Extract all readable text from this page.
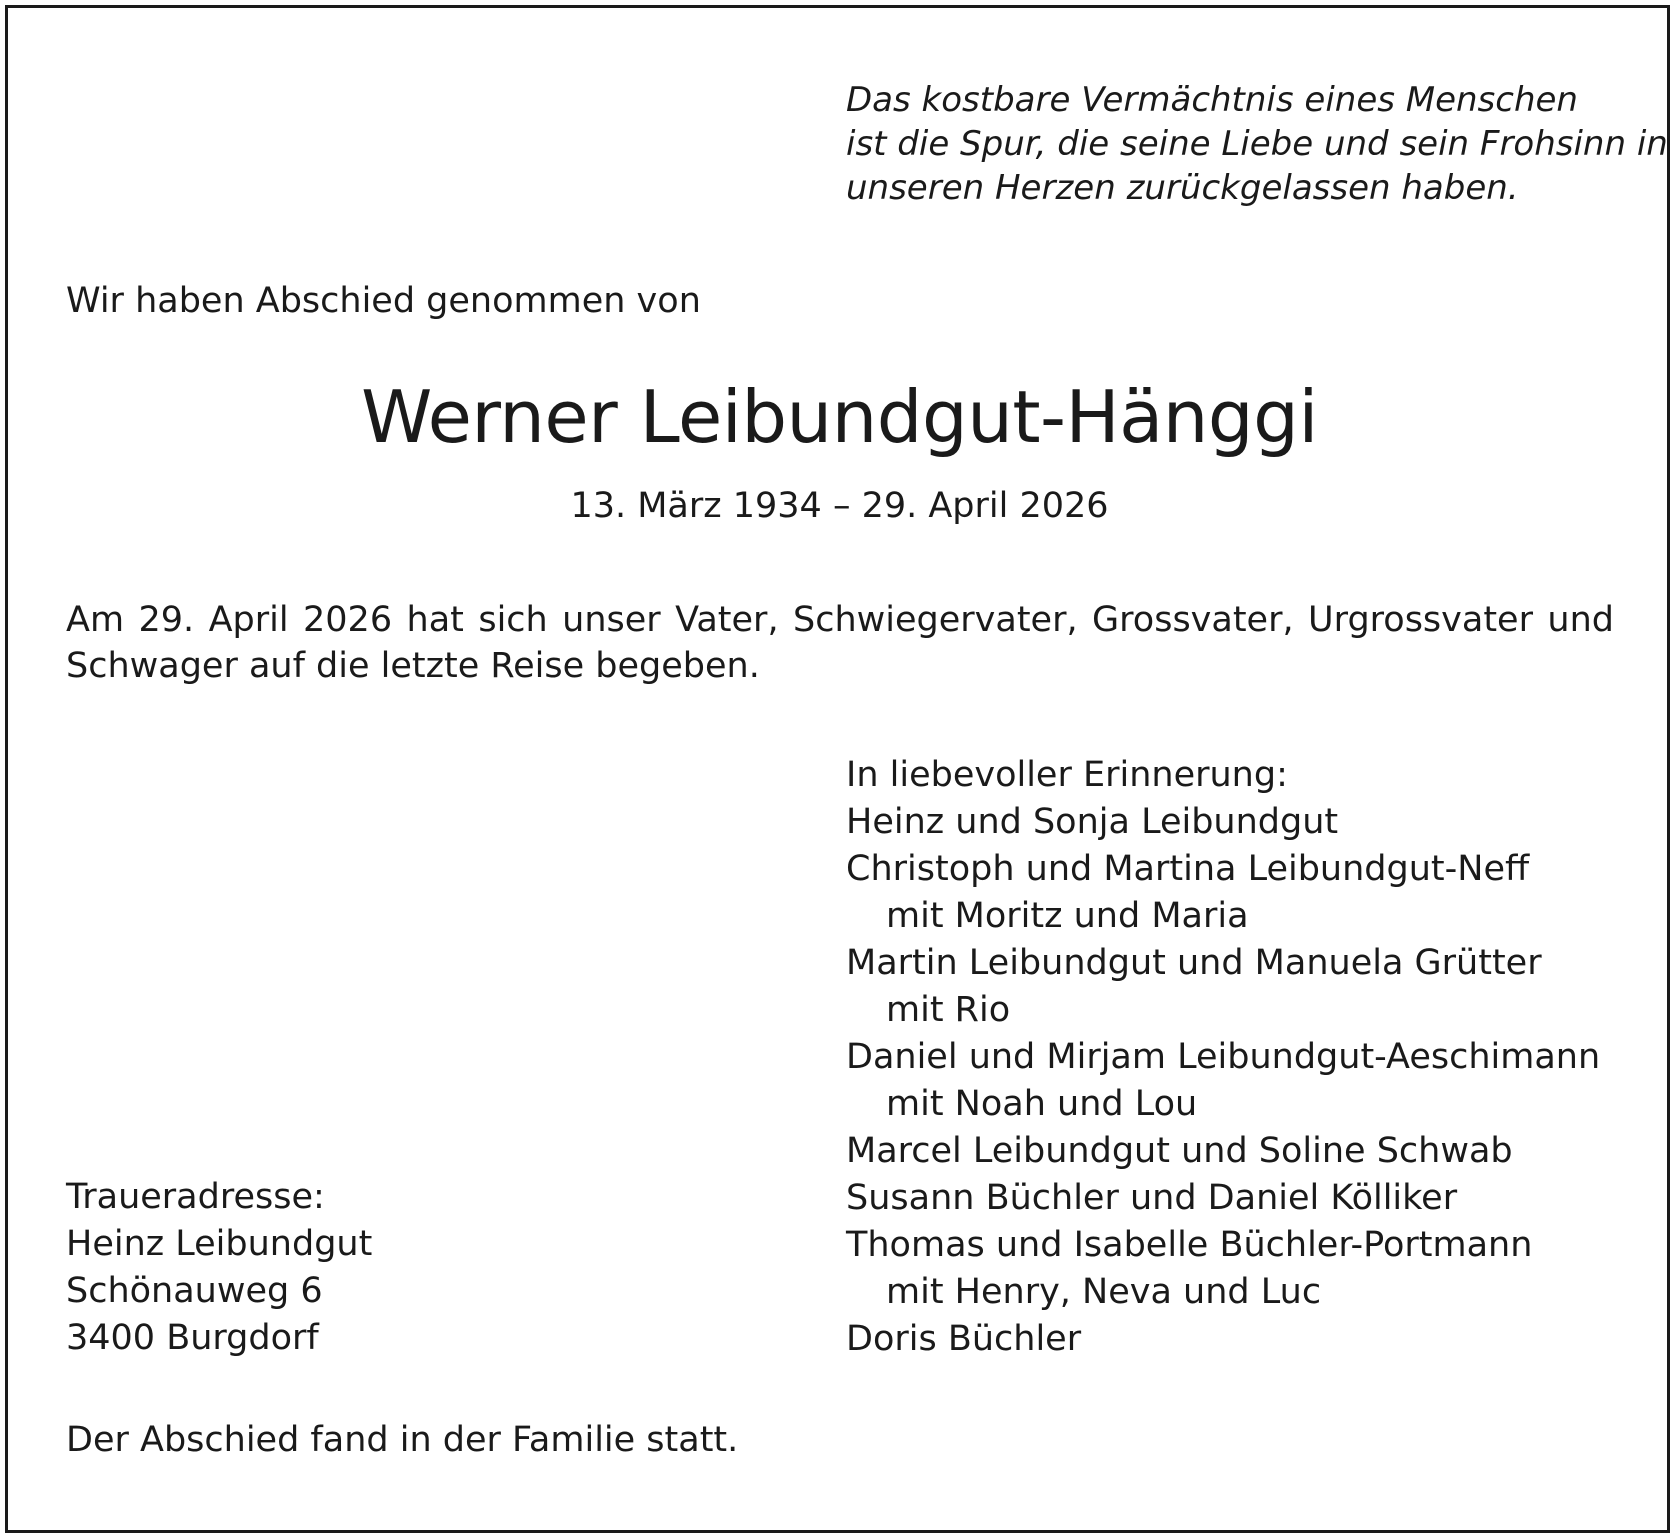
Das kostbare Vermächtnis eines Menschen
ist die Spur, die seine Liebe und sein Frohsinn in
unseren Herzen zurückgelassen haben.
Wir haben Abschied genommen von
Werner Leibundgut-Hänggi
13. März 1934 – 29. April 2026
Am 29. April 2026 hat sich unser Vater, Schwiegervater, Grossvater, Urgrossvater und Schwager auf die letzte Reise begeben.
In liebevoller Erinnerung:
Heinz und Sonja Leibundgut
Christoph und Martina Leibundgut-Neff
mit Moritz und Maria
Martin Leibundgut und Manuela Grütter
mit Rio
Daniel und Mirjam Leibundgut-Aeschimann
mit Noah und Lou
Marcel Leibundgut und Soline Schwab
Susann Büchler und Daniel Kölliker
Thomas und Isabelle Büchler-Portmann
mit Henry, Neva und Luc
Doris Büchler
Traueradresse:
Heinz Leibundgut
Schönauweg 6
3400 Burgdorf
Der Abschied fand in der Familie statt.
